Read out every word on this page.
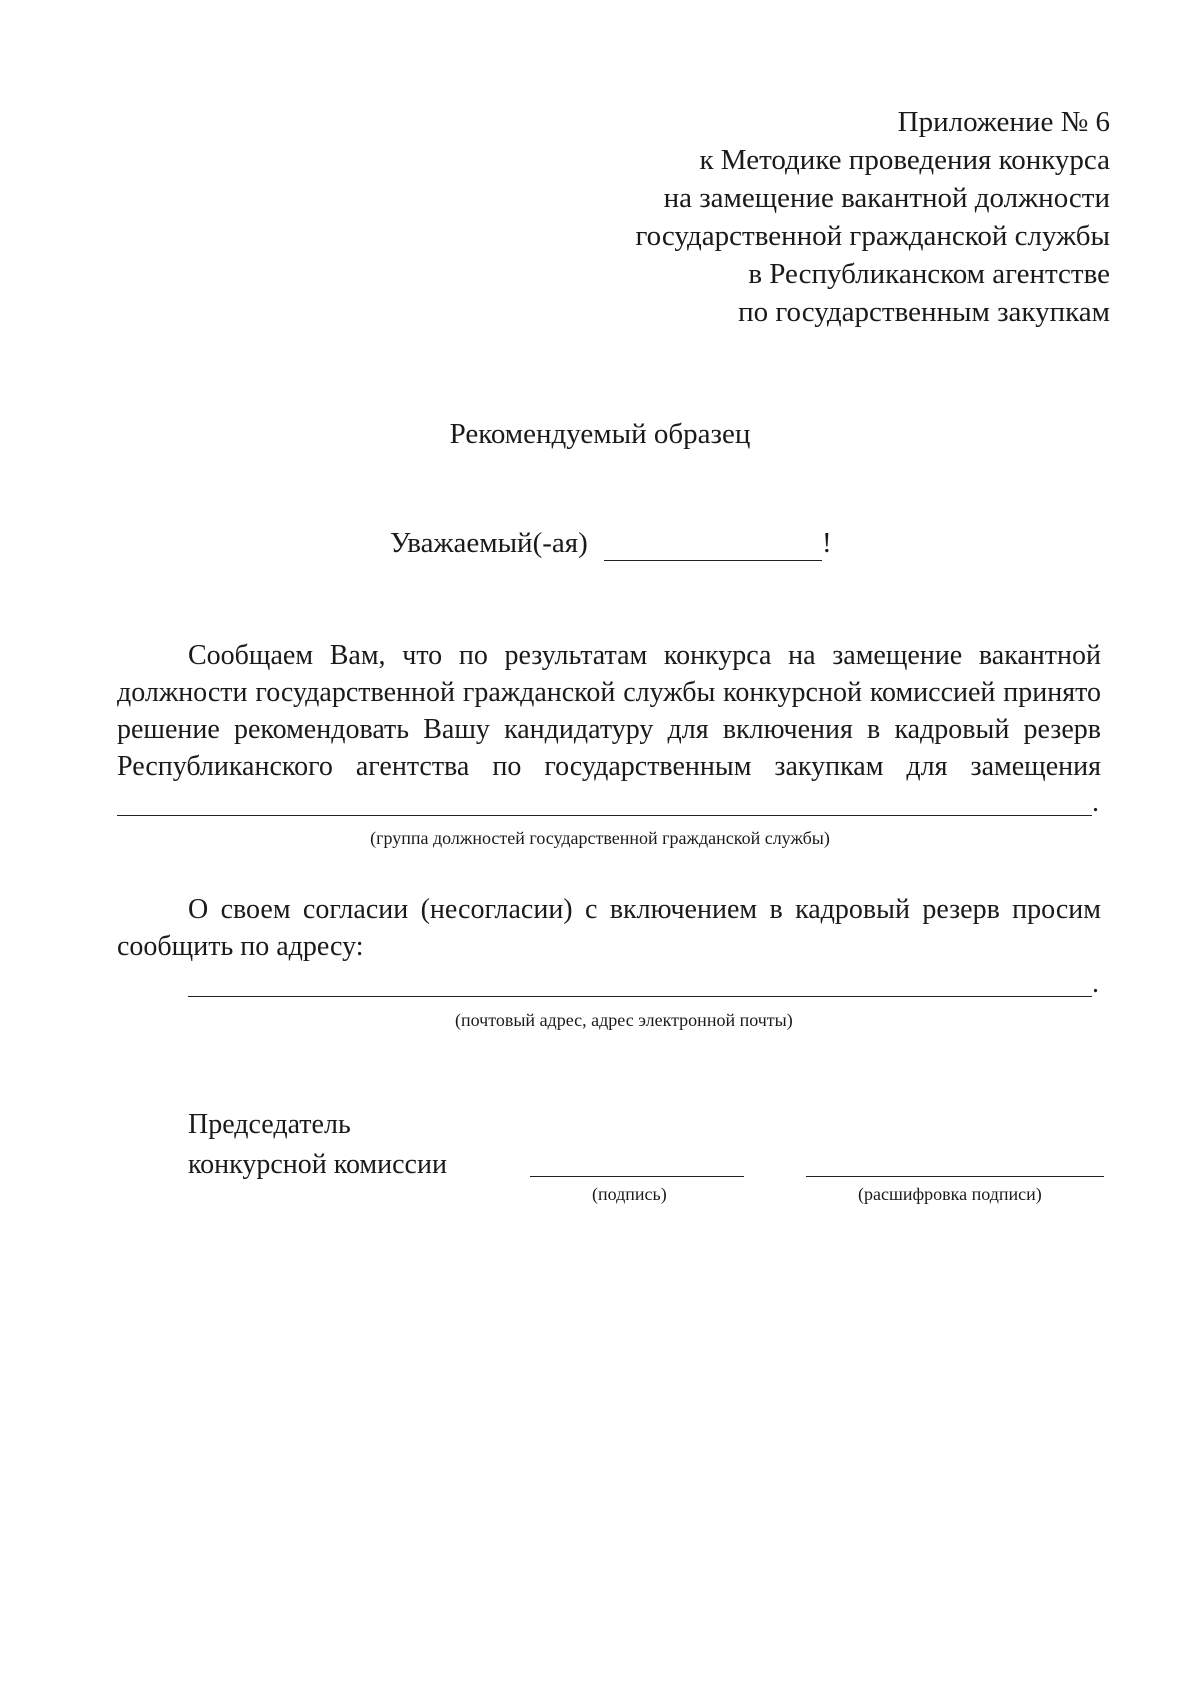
Приложение № 6
к Методике проведения конкурса
на замещение вакантной должности
государственной гражданской службы
в Республиканском агентстве
по государственным закупкам
Рекомендуемый образец
Уважаемый(-ая)	!
Сообщаем Вам, что по результатам конкурса на замещение вакантной
должности государственной гражданской службы конкурсной комиссией принято
решение рекомендовать Вашу кандидатуру для включения в кадровый резерв
Республиканского агентства по государственным закупкам для замещения
.
(группа должностей государственной гражданской службы)
О своем согласии (несогласии) с включением в кадровый резерв просим
сообщить по адресу:
.
(почтовый адрес, адрес электронной почты)
Председатель
конкурсной комиссии
(подпись)	(расшифровка подписи)
